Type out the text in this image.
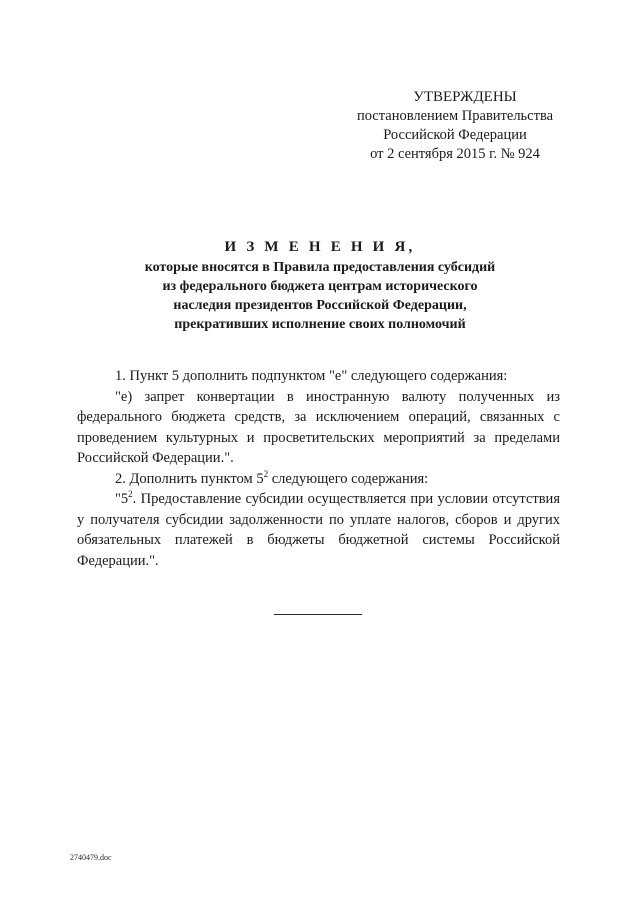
УТВЕРЖДЕНЫ
постановлением Правительства
Российской Федерации
от 2 сентября 2015 г. № 924
И З М Е Н Е Н И Я,
которые вносятся в Правила предоставления субсидий
из федерального бюджета центрам исторического
наследия президентов Российской Федерации,
прекративших исполнение своих полномочий

1. Пункт 5 дополнить подпунктом "е" следующего содержания:

"е) запрет конвертации в иностранную валюту полученных из федерального бюджета средств, за исключением операций, связанных с проведением культурных и просветительских мероприятий за пределами Российской Федерации.".

2. Дополнить пунктом $5^2$ следующего содержания:

"$5^2$. Предоставление субсидии осуществляется при условии отсутствия у получателя субсидии задолженности по уплате налогов, сборов и других обязательных платежей в бюджеты бюджетной системы Российской Федерации.".

2740479.doc
